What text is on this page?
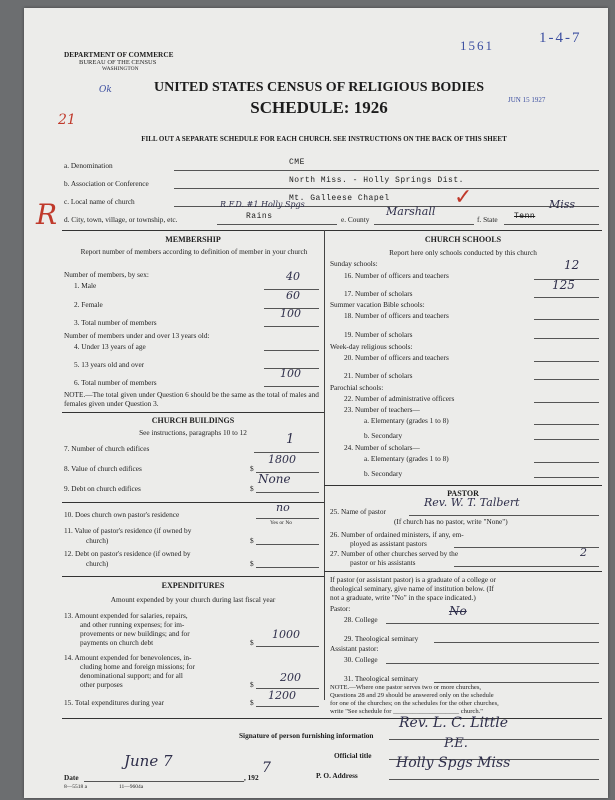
DEPARTMENT OF COMMERCE
BUREAU OF THE CENSUS
WASHINGTON
1561	1-4-7
Ok	UNITED STATES CENSUS OF RELIGIOUS BODIES
SCHEDULE: 1926	JUN 15 1927
21
FILL OUT A SEPARATE SCHEDULE FOR EACH CHURCH. SEE INSTRUCTIONS ON THE BACK OF THIS SHEET
R
a. Denomination	CME
b. Association or Conference	North Miss. - Holly Springs Dist.
c. Local name of church	Mt. Galleese Chapel
R.F.D. #1 Holly Spgs
d. City, town, village, or township, etc.	Rains	e. County
Marshall
✓
f. State Tenn
Miss
MEMBERSHIP
Report number of members according to definition of member in your church
Number of members, by sex:
1. Male
40
2. Female
60
3. Total number of members
100
Number of members under and over 13 years old:
4. Under 13 years of age
5. 13 years old and over
6. Total number of members
100
NOTE.—The total given under Question 6 should be the same as the total of males and females given under Question 3.
CHURCH BUILDINGS
See instructions, paragraphs 10 to 12
7. Number of church edifices
1
8. Value of church edifices	$
1800
9. Debt on church edifices	$
None
10. Does church own pastor's residence
no
Yes or No
11. Value of pastor's residence (if owned by
church)	$
12. Debt on pastor's residence (if owned by
church)	$
EXPENDITURES
Amount expended by your church during last fiscal year
13. Amount expended for salaries, repairs,
and other running expenses; for im-
provements or new buildings; and for
payments on church debt	$
1000
14. Amount expended for benevolences, in-
cluding home and foreign missions; for
denominational support; and for all
other purposes	$
200
15. Total expenditures during year	$
1200
CHURCH SCHOOLS
Report here only schools conducted by this church
Sunday schools:
16. Number of officers and teachers
12
17. Number of scholars
125
Summer vacation Bible schools:
18. Number of officers and teachers
19. Number of scholars
Week-day religious schools:
20. Number of officers and teachers
21. Number of scholars
Parochial schools:
22. Number of administrative officers
23. Number of teachers—
a. Elementary (grades 1 to 8)
b. Secondary
24. Number of scholars—
a. Elementary (grades 1 to 8)
b. Secondary
PASTOR
25. Name of pastor
Rev. W. T. Talbert
(If church has no pastor, write "None")
26. Number of ordained ministers, if any, em-
ployed as assistant pastors
27. Number of other churches served by the
pastor or his assistants
2
If pastor (or assistant pastor) is a graduate of a college or
theological seminary, give name of institution below. (If
not a graduate, write "No" in the space indicated.)
Pastor:
28. College
No
29. Theological seminary
Assistant pastor:
30. College
31. Theological seminary
NOTE.—Where one pastor serves two or more churches,
Questions 28 and 29 should be answered only on the schedule
for one of the churches; on the schedules for the other churches,
write "See schedule for ____________________ church."
Signature of person furnishing information
Rev. L. C. Little
Official title
P.E.
P. O. Address
Holly Spgs Miss
Date
June 7
, 192
7
8—5518 a	11—9604a
